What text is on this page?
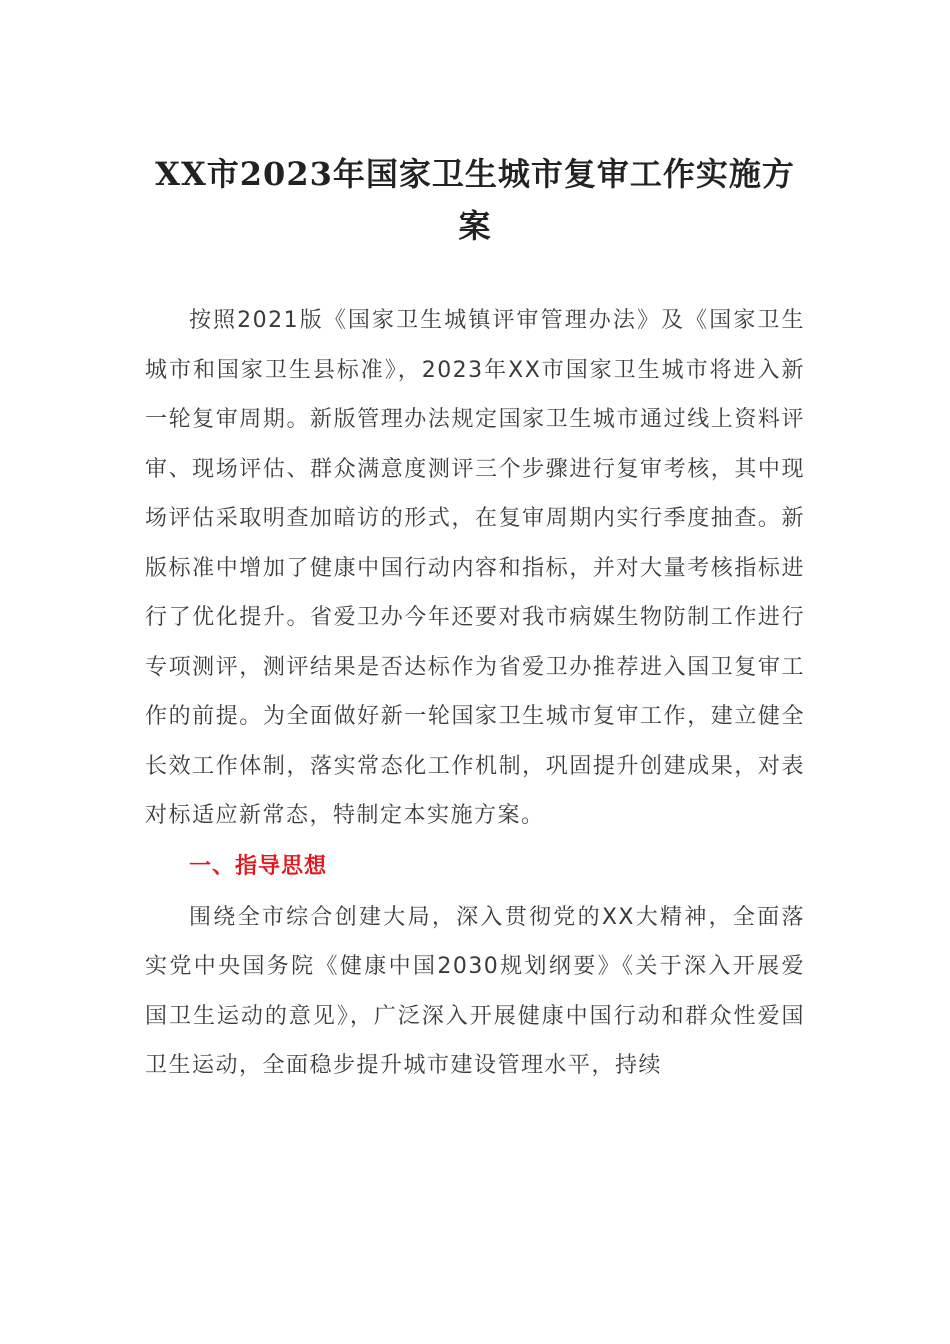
XX市2023年国家卫生城市复审工作实施方
案

按照2021版《国家卫生城镇评审管理办法》及《国家卫生城市和国家卫生县标准》，2023年XX市国家卫生城市将进入新一轮复审周期。新版管理办法规定国家卫生城市通过线上资料评审、现场评估、群众满意度测评三个步骤进行复审考核，其中现场评估采取明查加暗访的形式，在复审周期内实行季度抽查。新版标准中增加了健康中国行动内容和指标，并对大量考核指标进行了优化提升。省爱卫办今年还要对我市病媒生物防制工作进行专项测评，测评结果是否达标作为省爱卫办推荐进入国卫复审工作的前提。为全面做好新一轮国家卫生城市复审工作，建立健全长效工作体制，落实常态化工作机制，巩固提升创建成果，对表对标适应新常态，特制定本实施方案。

一、指导思想

围绕全市综合创建大局，深入贯彻党的XX大精神，全面落实党中央国务院《健康中国2030规划纲要》《关于深入开展爱国卫生运动的意见》，广泛深入开展健康中国行动和群众性爱国卫生运动，全面稳步提升城市建设管理水平，持续
